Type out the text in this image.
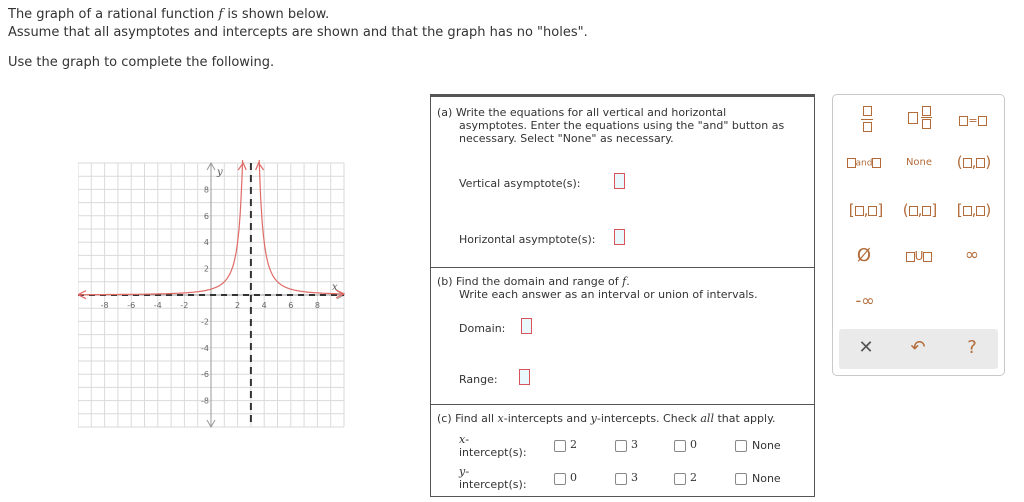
The graph of a rational function f is shown below.

Assume that all asymptotes and intercepts are shown and that the graph has no "holes".

Use the graph to complete the following.

y
x
-8 -6 -4 -2	2	4	6	8
8
6
4
2
-2
-4
-6
-8
(a) Write the equations for all vertical and horizontal
asymptotes. Enter the equations using the "and" button as
necessary. Select "None" as necessary.
Vertical asymptote(s):
Horizontal asymptote(s):
(b) Find the domain and range of f.
Write each answer as an interval or union of intervals.
Domain:
Range:
(c) Find all x-intercepts and y-intercepts. Check all that apply.
x-
intercept(s):
2	3	0	None
y-
intercept(s):
0	3	2	None

=
and	None	( , )
[ , ]	( , ]	[ , )
Ø	U	∞
-∞
✕	↶	?
